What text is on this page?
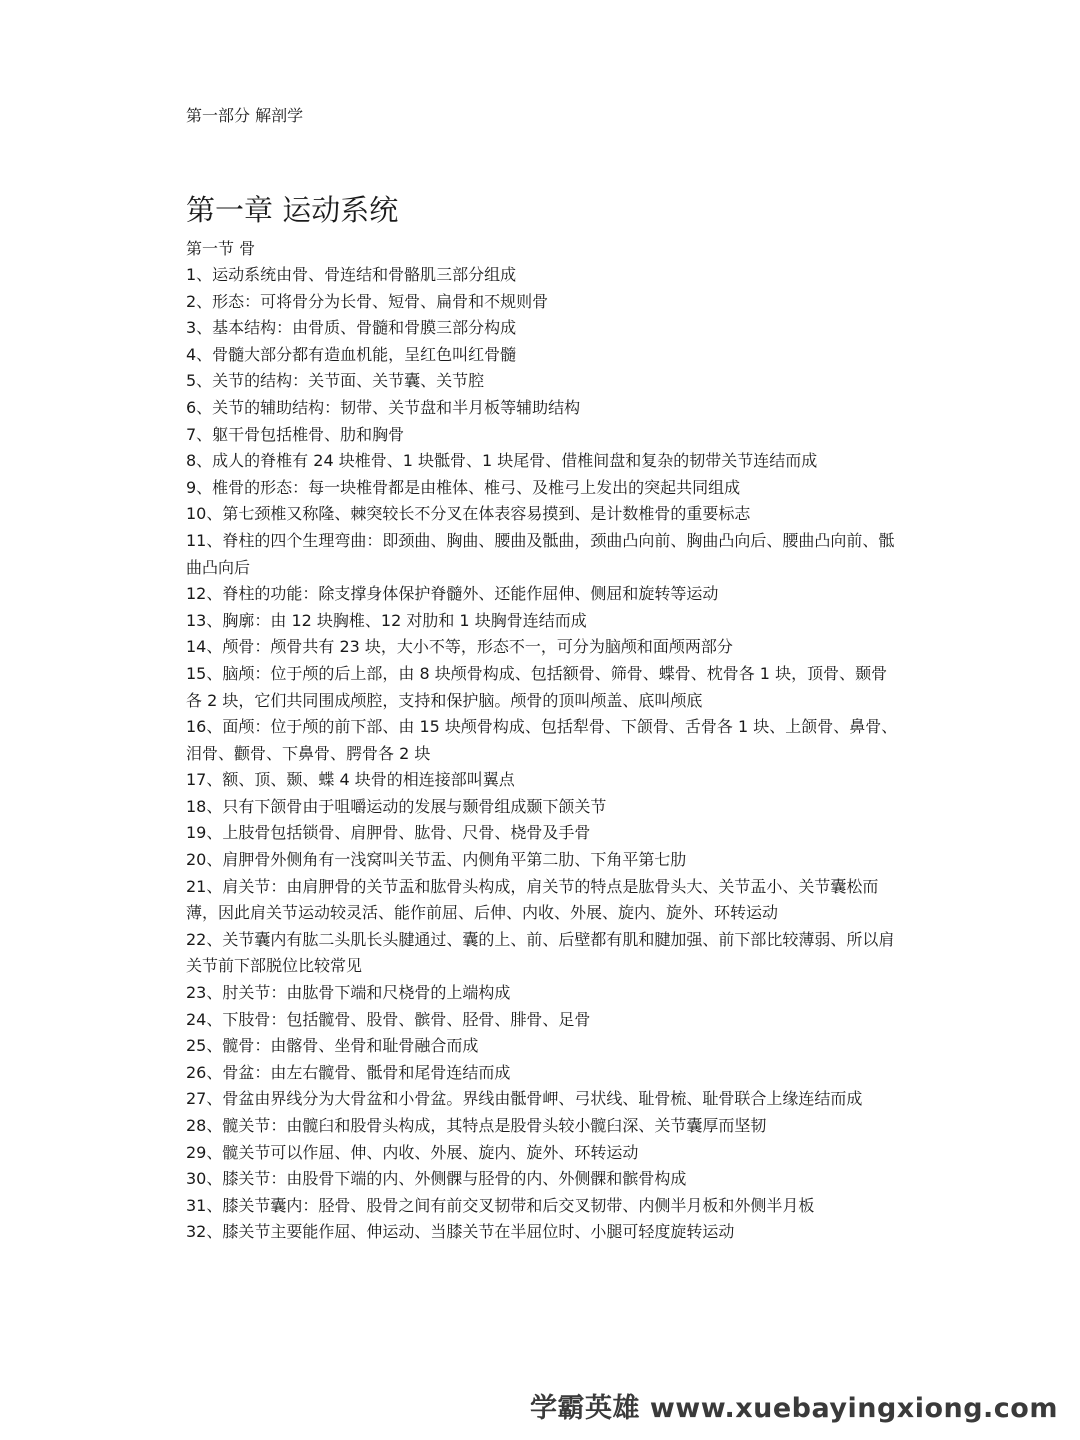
第一部分 解剖学
第一章 运动系统
第一节 骨
1、运动系统由骨、骨连结和骨骼肌三部分组成
2、形态：可将骨分为长骨、短骨、扁骨和不规则骨
3、基本结构：由骨质、骨髓和骨膜三部分构成
4、骨髓大部分都有造血机能，呈红色叫红骨髓
5、关节的结构：关节面、关节囊、关节腔
6、关节的辅助结构：韧带、关节盘和半月板等辅助结构
7、躯干骨包括椎骨、肋和胸骨
8、成人的脊椎有 24 块椎骨、1 块骶骨、1 块尾骨、借椎间盘和复杂的韧带关节连结而成
9、椎骨的形态：每一块椎骨都是由椎体、椎弓、及椎弓上发出的突起共同组成
10、第七颈椎又称隆、棘突较长不分叉在体表容易摸到、是计数椎骨的重要标志
11、脊柱的四个生理弯曲：即颈曲、胸曲、腰曲及骶曲，颈曲凸向前、胸曲凸向后、腰曲凸向前、骶曲凸向后
12、脊柱的功能：除支撑身体保护脊髓外、还能作屈伸、侧屈和旋转等运动
13、胸廓：由 12 块胸椎、12 对肋和 1 块胸骨连结而成
14、颅骨：颅骨共有 23 块，大小不等，形态不一，可分为脑颅和面颅两部分
15、脑颅：位于颅的后上部，由 8 块颅骨构成、包括额骨、筛骨、蝶骨、枕骨各 1 块，顶骨、颞骨各 2 块，它们共同围成颅腔，支持和保护脑。颅骨的顶叫颅盖、底叫颅底
16、面颅：位于颅的前下部、由 15 块颅骨构成、包括犁骨、下颌骨、舌骨各 1 块、上颌骨、鼻骨、泪骨、颧骨、下鼻骨、腭骨各 2 块
17、额、顶、颞、蝶 4 块骨的相连接部叫翼点
18、只有下颌骨由于咀嚼运动的发展与颞骨组成颞下颌关节
19、上肢骨包括锁骨、肩胛骨、肱骨、尺骨、桡骨及手骨
20、肩胛骨外侧角有一浅窝叫关节盂、内侧角平第二肋、下角平第七肋
21、肩关节：由肩胛骨的关节盂和肱骨头构成，肩关节的特点是肱骨头大、关节盂小、关节囊松而薄，因此肩关节运动较灵活、能作前屈、后伸、内收、外展、旋内、旋外、环转运动
22、关节囊内有肱二头肌长头腱通过、囊的上、前、后壁都有肌和腱加强、前下部比较薄弱、所以肩关节前下部脱位比较常见
23、肘关节：由肱骨下端和尺桡骨的上端构成
24、下肢骨：包括髋骨、股骨、髌骨、胫骨、腓骨、足骨
25、髋骨：由髂骨、坐骨和耻骨融合而成
26、骨盆：由左右髋骨、骶骨和尾骨连结而成
27、骨盆由界线分为大骨盆和小骨盆。界线由骶骨岬、弓状线、耻骨梳、耻骨联合上缘连结而成
28、髋关节：由髋臼和股骨头构成，其特点是股骨头较小髋臼深、关节囊厚而坚韧
29、髋关节可以作屈、伸、内收、外展、旋内、旋外、环转运动
30、膝关节：由股骨下端的内、外侧髁与胫骨的内、外侧髁和髌骨构成
31、膝关节囊内：胫骨、股骨之间有前交叉韧带和后交叉韧带、内侧半月板和外侧半月板
32、膝关节主要能作屈、伸运动、当膝关节在半屈位时、小腿可轻度旋转运动
学霸英雄 www.xuebayingxiong.com
